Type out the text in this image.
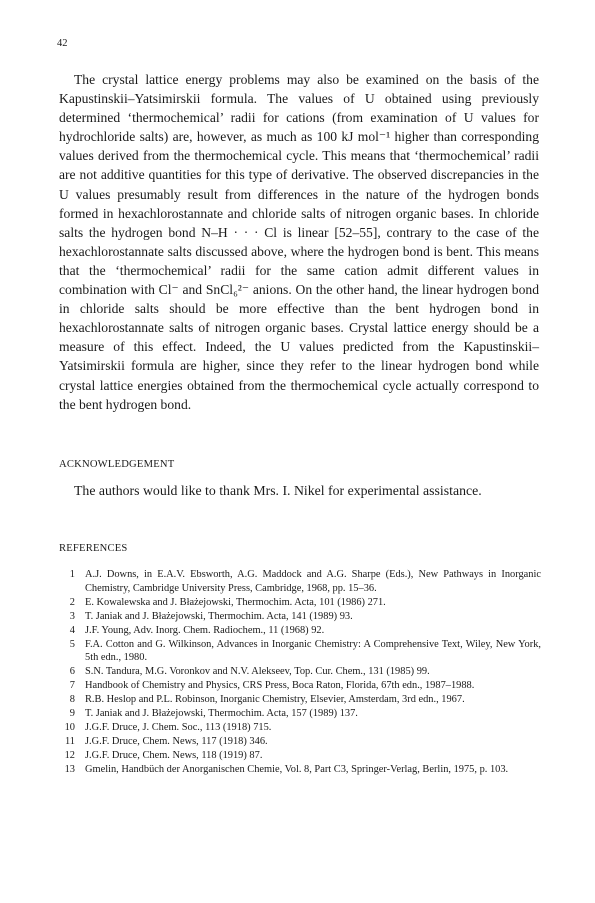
42

The crystal lattice energy problems may also be examined on the basis of the Kapustinskii–Yatsimirskii formula. The values of U obtained using previously determined ‘thermochemical’ radii for cations (from examination of U values for hydrochloride salts) are, however, as much as 100 kJ mol⁻¹ higher than corresponding values derived from the thermochemical cycle. This means that ‘thermochemical’ radii are not additive quantities for this type of derivative. The observed discrepancies in the U values presumably result from differences in the nature of the hydrogen bonds formed in hexachlorostannate and chloride salts of nitrogen organic bases. In chloride salts the hydrogen bond N–H · · · Cl is linear [52–55], contrary to the case of the hexachlorostannate salts discussed above, where the hydrogen bond is bent. This means that the ‘thermochemical’ radii for the same cation admit different values in combination with Cl⁻ and SnCl₆²⁻ anions. On the other hand, the linear hydrogen bond in chloride salts should be more effective than the bent hydrogen bond in hexachlorostannate salts of nitrogen organic bases. Crystal lattice energy should be a measure of this effect. Indeed, the U values predicted from the Kapustinskii–Yatsimirskii formula are higher, since they refer to the linear hydrogen bond while crystal lattice energies obtained from the thermochemical cycle actually correspond to the bent hydrogen bond.

ACKNOWLEDGEMENT
The authors would like to thank Mrs. I. Nikel for experimental assistance.
REFERENCES
1 A.J. Downs, in E.A.V. Ebsworth, A.G. Maddock and A.G. Sharpe (Eds.), New Pathways in Inorganic Chemistry, Cambridge University Press, Cambridge, 1968, pp. 15–36.
2 E. Kowalewska and J. Błażejowski, Thermochim. Acta, 101 (1986) 271.
3 T. Janiak and J. Błażejowski, Thermochim. Acta, 141 (1989) 93.
4 J.F. Young, Adv. Inorg. Chem. Radiochem., 11 (1968) 92.
5 F.A. Cotton and G. Wilkinson, Advances in Inorganic Chemistry: A Comprehensive Text, Wiley, New York, 5th edn., 1980.
6 S.N. Tandura, M.G. Voronkov and N.V. Alekseev, Top. Cur. Chem., 131 (1985) 99.
7 Handbook of Chemistry and Physics, CRS Press, Boca Raton, Florida, 67th edn., 1987–1988.
8 R.B. Heslop and P.L. Robinson, Inorganic Chemistry, Elsevier, Amsterdam, 3rd edn., 1967.
9 T. Janiak and J. Błażejowski, Thermochim. Acta, 157 (1989) 137.
10 J.G.F. Druce, J. Chem. Soc., 113 (1918) 715.
11 J.G.F. Druce, Chem. News, 117 (1918) 346.
12 J.G.F. Druce, Chem. News, 118 (1919) 87.
13 Gmelin, Handbüch der Anorganischen Chemie, Vol. 8, Part C3, Springer-Verlag, Berlin, 1975, p. 103.
